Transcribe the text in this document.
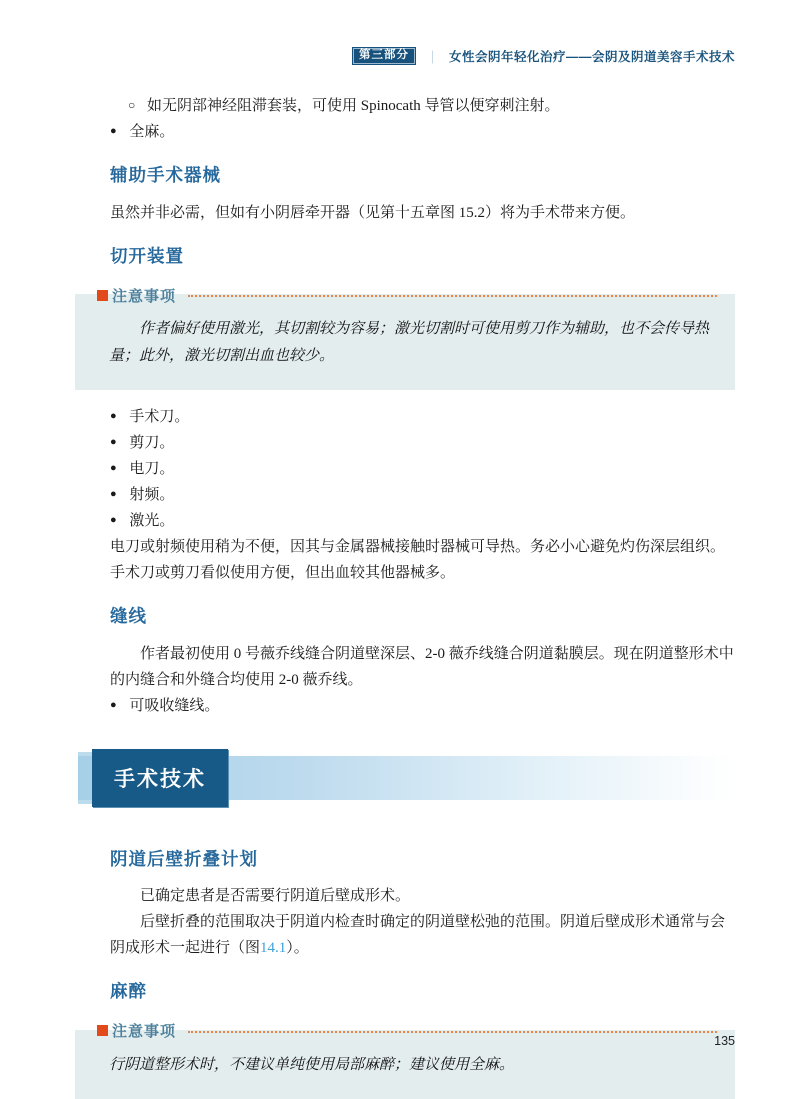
第三部分	｜ 女性会阴年轻化治疗——会阴及阴道美容手术技术
○ 如无阴部神经阻滞套装，可使用 Spinocath 导管以便穿刺注射。
● 全麻。
辅助手术器械

虽然并非必需，但如有小阴唇牵开器（见第十五章图 15.2）将为手术带来方便。

切开装置
注意事项

作者偏好使用激光，其切割较为容易；激光切割时可使用剪刀作为辅助，也不会传导热量；此外，激光切割出血也较少。

● 手术刀。
● 剪刀。
● 电刀。
● 射频。
● 激光。

电刀或射频使用稍为不便，因其与金属器械接触时器械可导热。务必小心避免灼伤深层组织。

手术刀或剪刀看似使用方便，但出血较其他器械多。

缝线

作者最初使用 0 号薇乔线缝合阴道壁深层、2-0 薇乔线缝合阴道黏膜层。现在阴道整形术中的内缝合和外缝合均使用 2-0 薇乔线。

● 可吸收缝线。
手术技术
阴道后壁折叠计划

已确定患者是否需要行阴道后壁成形术。

后壁折叠的范围取决于阴道内检查时确定的阴道壁松弛的范围。阴道后壁成形术通常与会阴成形术一起进行（图14.1）。

麻醉
注意事项

行阴道整形术时，不建议单纯使用局部麻醉；建议使用全麻。

135
